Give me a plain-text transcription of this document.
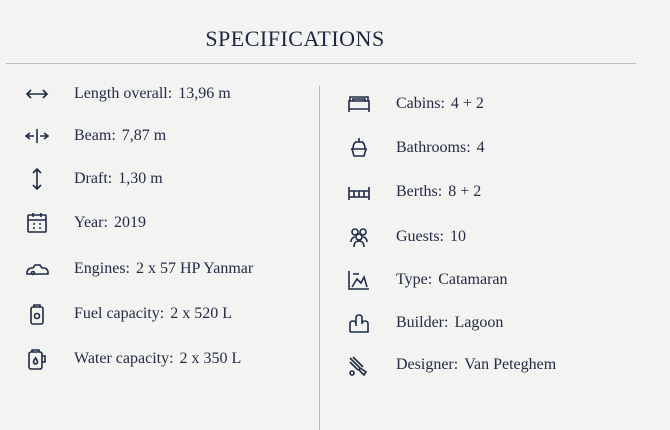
SPECIFICATIONS
Length overall: 13,96 m
Beam: 7,87 m
Draft: 1,30 m
Year: 2019
Engines: 2 x 57 HP Yanmar
Fuel capacity: 2 x 520 L
Water capacity: 2 x 350 L
Cabins: 4 + 2
Bathrooms: 4
Berths: 8 + 2
Guests: 10
Type: Catamaran
Builder: Lagoon
Designer: Van Peteghem
